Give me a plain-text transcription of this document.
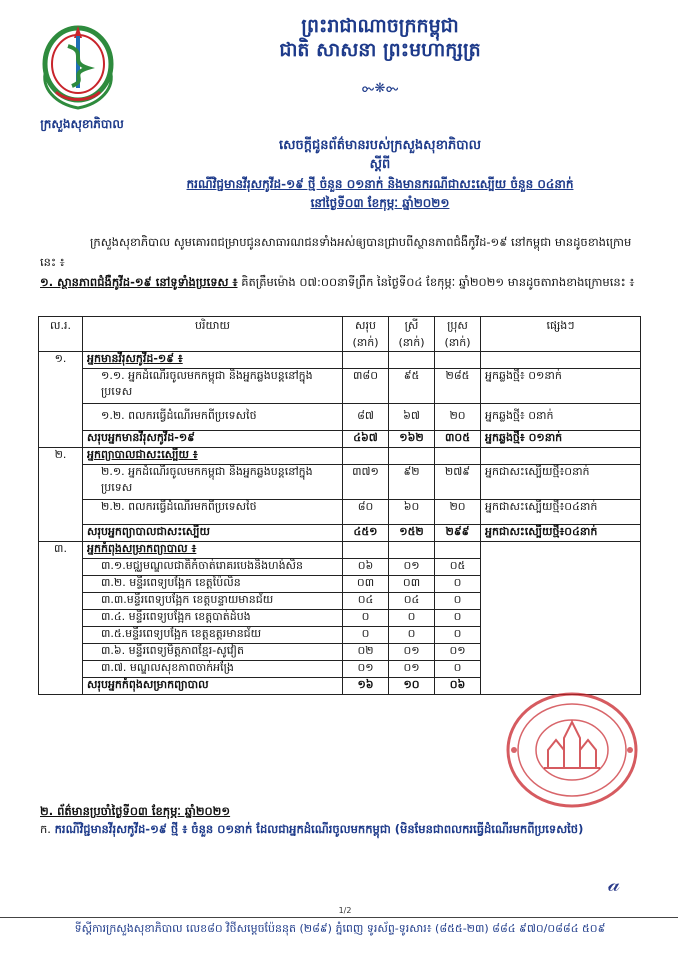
ក្រសួងសុខាភិបាល
ព្រះរាជាណាចក្រកម្ពុជា
ជាតិ សាសនា ព្រះមហាក្សត្រ
ᯡ❋ᯡ
សេចក្តីជូនព័ត៌មានរបស់ក្រសួងសុខាភិបាល
ស្តីពី
ករណីវិជ្ជមានវីរុសកូវីដ-១៩ ថ្មី ចំនួន ០១នាក់ និងមានករណីជាសះស្បើយ ចំនួន ០៤នាក់
នៅថ្ងៃទី០៣ ខែកុម្ភៈ ឆ្នាំ២០២១
ក្រសួងសុខាភិបាល សូមគោរពជម្រាបជូនសាធារណជនទាំងអស់ឲ្យបានជ្រាបពីស្ថានភាពជំងឺកូវីដ-១៩ នៅកម្ពុជា មានដូចខាងក្រោមនេះ ៖
១. ស្ថានភាពជំងឺកូវីដ-១៩ នៅទូទាំងប្រទេស ៖ គិតត្រឹមម៉ោង ០៧:០០នាទីព្រឹក នៃថ្ងៃទី០៤ ខែកុម្ភៈ ឆ្នាំ២០២១ មានដូចតារាងខាងក្រោមនេះ ៖
ល.រ.	បរិយាយ	សរុប (នាក់)	ស្រី (នាក់)	ប្រុស (នាក់)	ផ្សេងៗ
១.	អ្នកមានវីរុសកូវីដ-១៩ ៖				
	១.១. អ្នកដំណើរចូលមកកម្ពុជា និងអ្នកឆ្លងបន្តនៅក្នុងប្រទេស	៣៨០	៩៥	២៨៥	អ្នកឆ្លងថ្មី៖ ០១នាក់
	១.២. ពលករធ្វើដំណើរមកពីប្រទេសថៃ	៨៧	៦៧	២០	អ្នកឆ្លងថ្មី៖ ០នាក់
	សរុបអ្នកមានវីរុសកូវីដ-១៩	៤៦៧	១៦២	៣០៥	អ្នកឆ្លងថ្មី៖ ០១នាក់
២.	អ្នកព្យាបាលជាសះស្បើយ ៖				
	២.១. អ្នកដំណើរចូលមកកម្ពុជា និងអ្នកឆ្លងបន្តនៅក្នុងប្រទេស	៣៧១	៩២	២៧៩	អ្នកជាសះស្បើយថ្មី៖០នាក់
	២.២. ពលករធ្វើដំណើរមកពីប្រទេសថៃ	៨០	៦០	២០	អ្នកជាសះស្បើយថ្មី៖០៤នាក់
	សរុបអ្នកព្យាបាលជាសះស្បើយ	៤៥១	១៥២	២៩៩	អ្នកជាសះស្បើយថ្មី៖០៤នាក់
៣.	អ្នកកំពុងសម្រាកព្យាបាល ៖				
	៣.១.មជ្ឈមណ្ឌលជាតិកំចាត់រោគរបេងនិងហង់សិន	០៦	០១	០៥	
	៣.២. មន្ទីរពេទ្យបង្អែក ខេត្តប៉ៃលិន	០៣	០៣	០	
	៣.៣.មន្ទីរពេទ្យបង្អែក ខេត្តបន្ទាយមានជ័យ	០៤	០៤	០	
	៣.៤. មន្ទីរពេទ្យបង្អែក ខេត្តបាត់ដំបង	០	០	០	
	៣.៥.មន្ទីរពេទ្យបង្អែក ខេត្តឧត្តរមានជ័យ	០	០	០	
	៣.៦. មន្ទីរពេទ្យមិត្តភាពខ្មែរ-សូវៀត	០២	០១	០១	
	៣.៧. មណ្ឌលសុខភាពចាក់អង្រែ	០១	០១	០	
	សរុបអ្នកកំពុងសម្រាកព្យាបាល	១៦	១០	០៦	
២. ព័ត៌មានប្រចាំថ្ងៃទី០៣ ខែកុម្ភៈ ឆ្នាំ២០២១
ក. ករណីវិជ្ជមានវីរុសកូវីដ-១៩ ថ្មី ៖ ចំនួន ០១នាក់ ដែលជាអ្នកដំណើរចូលមកកម្ពុជា (មិនមែនជាពលករធ្វើដំណើរមកពីប្រទេសថៃ)
𝒶
1/2
ទីស្តីការក្រសួងសុខាភិបាល លេខ៨០ វិថីសម្តេចប៉ែននុត (២៨៩) ភ្នំពេញ ទូរស័ព្ទ-ទូរសារ៖ (៨៥៥-២៣) ៨៨៤ ៩៧០/០៨៨៤ ៥០៩
